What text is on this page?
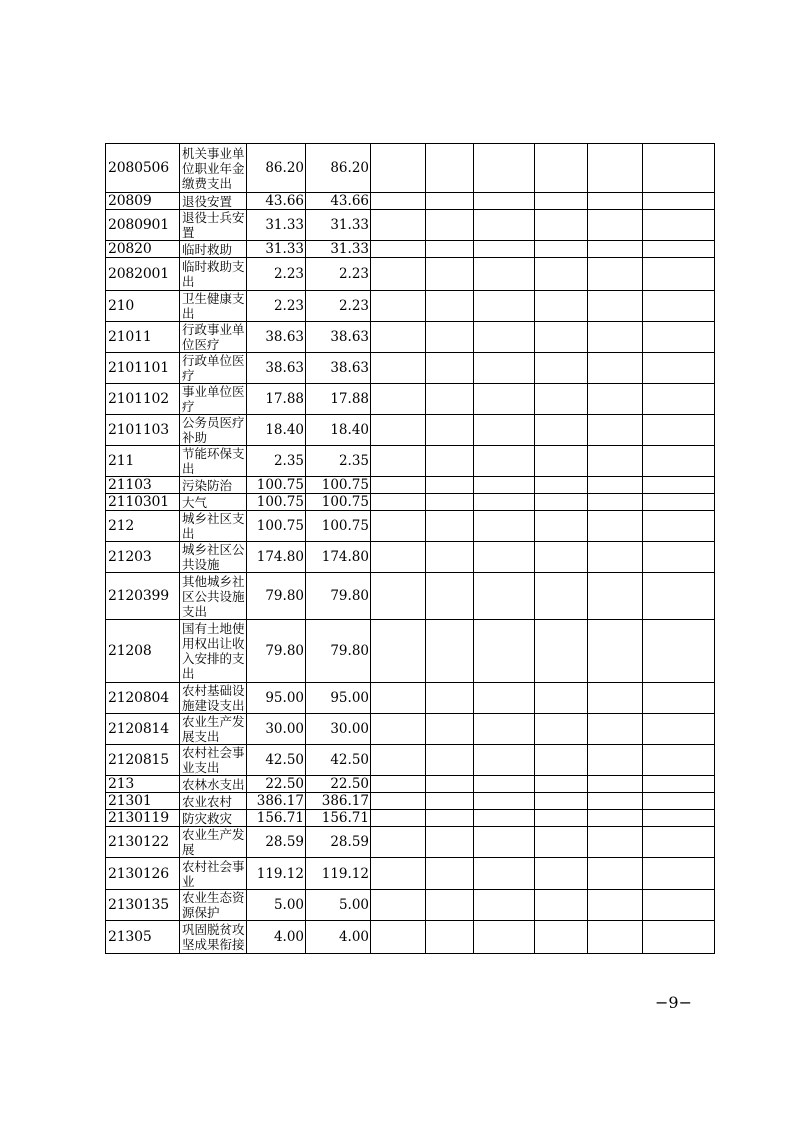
2080506	机关事业单位职业年金缴费支出	86.20	86.20						
20809	退役安置	43.66	43.66						
2080901	退役士兵安置	31.33	31.33						
20820	临时救助	31.33	31.33						
2082001	临时救助支出	2.23	2.23						
210	卫生健康支出	2.23	2.23						
21011	行政事业单位医疗	38.63	38.63						
2101101	行政单位医疗	38.63	38.63						
2101102	事业单位医疗	17.88	17.88						
2101103	公务员医疗补助	18.40	18.40						
211	节能环保支出	2.35	2.35						
21103	污染防治	100.75	100.75						
2110301	大气	100.75	100.75						
212	城乡社区支出	100.75	100.75						
21203	城乡社区公共设施	174.80	174.80						
2120399	其他城乡社区公共设施支出	79.80	79.80						
21208	国有土地使用权出让收入安排的支出	79.80	79.80						
2120804	农村基础设施建设支出	95.00	95.00						
2120814	农业生产发展支出	30.00	30.00						
2120815	农村社会事业支出	42.50	42.50						
213	农林水支出	22.50	22.50						
21301	农业农村	386.17	386.17						
2130119	防灾救灾	156.71	156.71						
2130122	农业生产发展	28.59	28.59						
2130126	农村社会事业	119.12	119.12						
2130135	农业生态资源保护	5.00	5.00						
21305	巩固脱贫攻坚成果衔接	4.00	4.00						
−9−
